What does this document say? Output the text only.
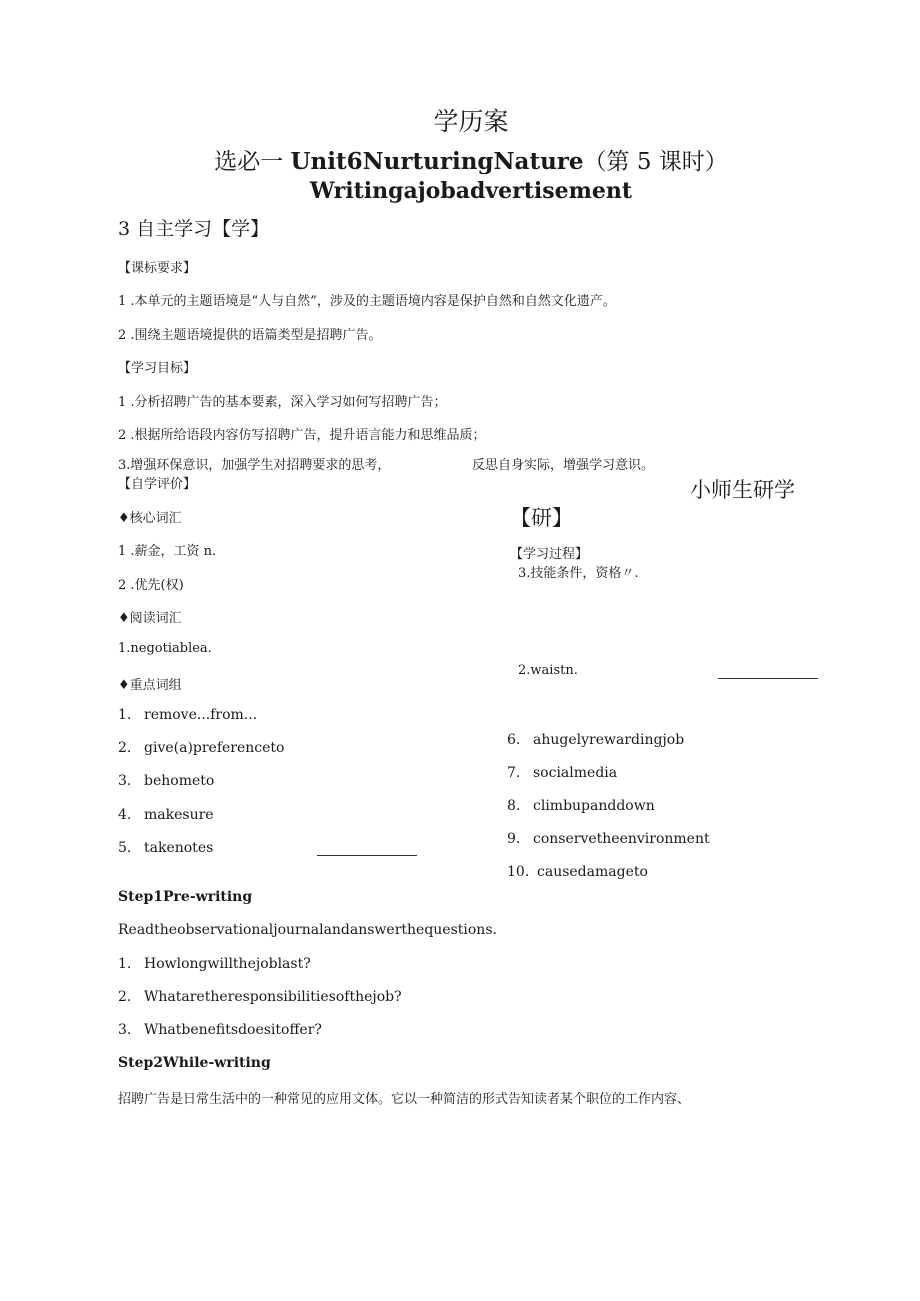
学历案
选必一 Unit6NurturingNature（第 5 课时）
Writingajobadvertisement
3 自主学习【学】
【课标要求】
1 .本单元的主题语境是“人与自然”，涉及的主题语境内容是保护自然和自然文化遗产。
2 .围绕主题语境提供的语篇类型是招聘广告。
【学习目标】
1 .分析招聘广告的基本要素，深入学习如何写招聘广告；
2 .根据所给语段内容仿写招聘广告，提升语言能力和思维品质；
3.增强环保意识，加强学生对招聘要求的思考，	反思自身实际，增强学习意识。
【自学评价】	小师生研学
【研】
♦核心词汇
1 .薪金，工资 n.	【学习过程】
3.技能条件，资格〃.
2 .优先(权)
♦阅读词汇
1.negotiablea.
2.waistn.
♦重点词组
1. remove...from...
2. give(a)preferenceto
3. behometo
4. makesure
5. takenotes
6. ahugelyrewardingjob
7. socialmedia
8. climbupanddown
9. conservetheenvironment
10. causedamageto
Step1Pre-writing
Readtheobservationaljournalandanswerthequestions.
1. Howlongwillthejoblast?
2. Whataretheresponsibilitiesofthejob?
3. Whatbenefitsdoesitoffer?
Step2While-writing
招聘广告是日常生活中的一种常见的应用文体。它以一种简洁的形式告知读者某个职位的工作内容、
